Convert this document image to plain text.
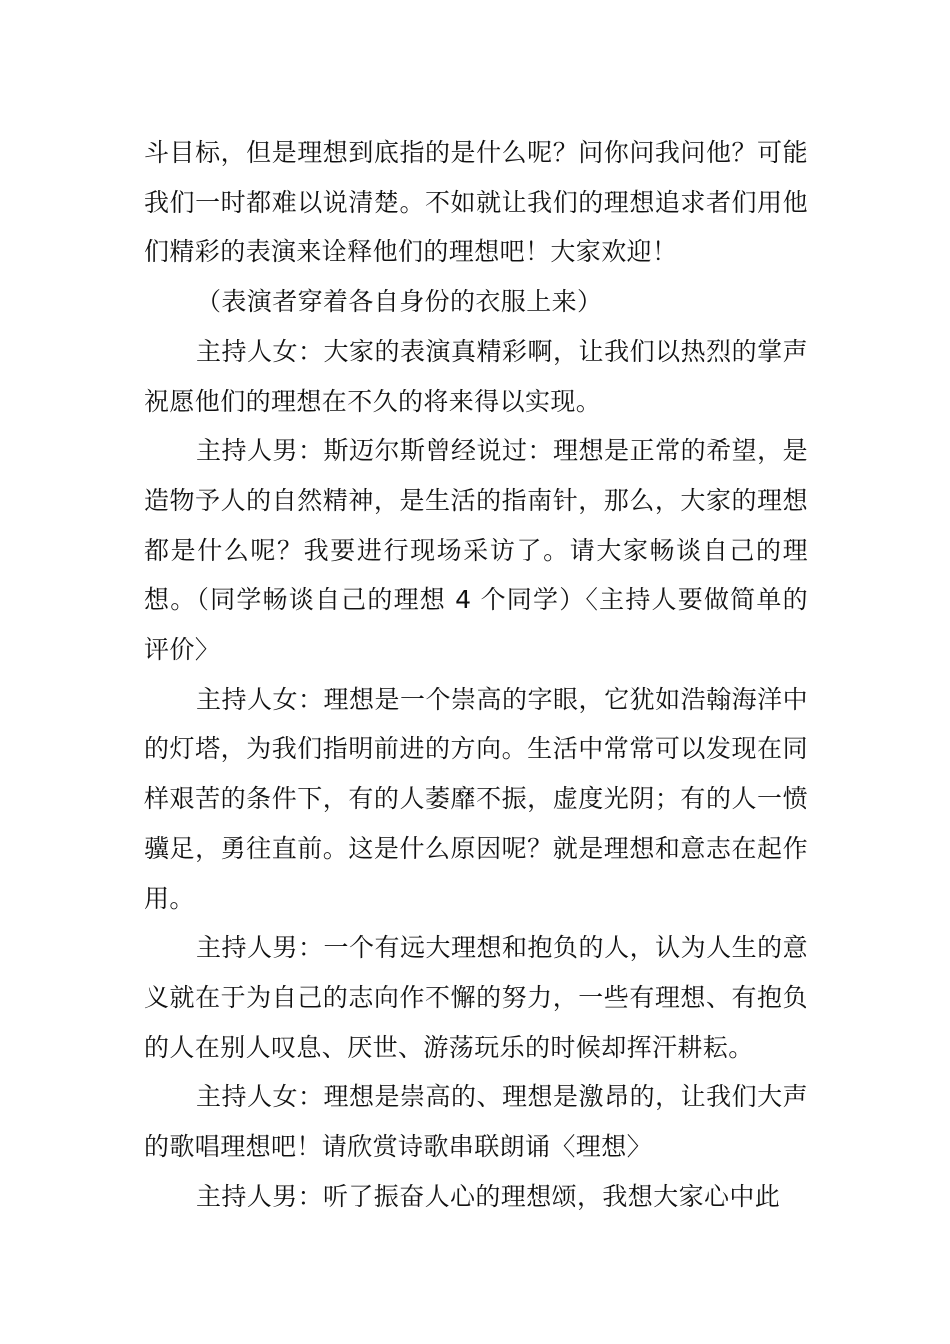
斗目标，但是理想到底指的是什么呢？问你问我问他？可能我们一时都难以说清楚。不如就让我们的理想追求者们用他们精彩的表演来诠释他们的理想吧！大家欢迎！

（表演者穿着各自身份的衣服上来）

主持人女：大家的表演真精彩啊，让我们以热烈的掌声祝愿他们的理想在不久的将来得以实现。

主持人男：斯迈尔斯曾经说过：理想是正常的希望，是造物予人的自然精神，是生活的指南针，那么，大家的理想都是什么呢？我要进行现场采访了。请大家畅谈自己的理想。（同学畅谈自己的理想 4 个同学）〈主持人要做简单的评价〉

主持人女：理想是一个崇高的字眼，它犹如浩翰海洋中的灯塔，为我们指明前进的方向。生活中常常可以发现在同样艰苦的条件下，有的人萎靡不振，虚度光阴；有的人一愤骥足，勇往直前。这是什么原因呢？就是理想和意志在起作用。

主持人男：一个有远大理想和抱负的人，认为人生的意义就在于为自己的志向作不懈的努力，一些有理想、有抱负的人在别人叹息、厌世、游荡玩乐的时候却挥汗耕耘。

主持人女：理想是崇高的、理想是激昂的，让我们大声的歌唱理想吧！请欣赏诗歌串联朗诵〈理想〉

主持人男：听了振奋人心的理想颂，我想大家心中此
